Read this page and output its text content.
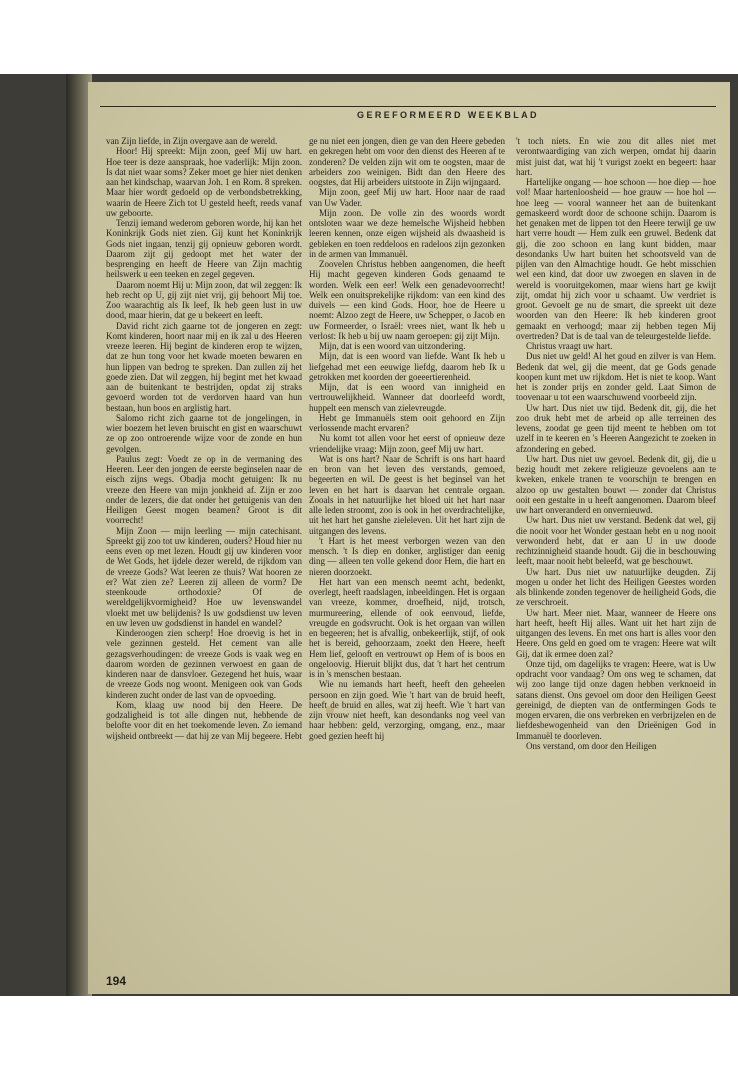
GEREFORMEERD WEEKBLAD

van Zijn liefde, in Zijn overgave aan de wereld.

Hoor! Hij spreekt: Mijn zoon, geef Mij uw hart. Hoe teer is deze aanspraak, hoe vaderlijk: Mijn zoon. Is dat niet waar soms? Zeker moet ge hier niet denken aan het kindschap, waarvan Joh. 1 en Rom. 8 spreken. Maar hier wordt gedoeld op de verbondsbetrekking, waarin de Heere Zich tot U gesteld heeft, reeds vanaf uw geboorte.

Tenzij iemand wederom geboren worde, hij kan het Koninkrijk Gods niet zien. Gij kunt het Koninkrijk Gods niet ingaan, tenzij gij opnieuw geboren wordt. Daarom zijt gij gedoopt met het water der besprenging en heeft de Heere van Zijn machtig heilswerk u een teeken en zegel gegeven.

Daarom noemt Hij u: Mijn zoon, dat wil zeggen: Ik heb recht op U, gij zijt niet vrij, gij behoort Mij toe. Zoo waarachtig als Ik leef, Ik heb geen lust in uw dood, maar hierin, dat ge u bekeert en leeft.

David richt zich gaarne tot de jongeren en zegt: Komt kinderen, hoort naar mij en ik zal u des Heeren vreeze leeren. Hij begint de kinderen erop te wijzen, dat ze hun tong voor het kwade moeten bewaren en hun lippen van bedrog te spreken. Dan zullen zij het goede zien. Dat wil zeggen, hij begint met het kwaad aan de buitenkant te bestrijden, opdat zij straks gevoerd worden tot de verdorven haard van hun bestaan, hun boos en arglistig hart.

Salomo richt zich gaarne tot de jongelingen, in wier boezem het leven bruischt en gist en waarschuwt ze op zoo ontroerende wijze voor de zonde en hun gevolgen.

Paulus zegt: Voedt ze op in de vermaning des Heeren. Leer den jongen de eerste beginselen naar de eisch zijns wegs. Obadja mocht getuigen: Ik nu vreeze den Heere van mijn jonkheid af. Zijn er zoo onder de lezers, die dat onder het getuigenis van den Heiligen Geest mogen beamen? Groot is dit voorrecht!

Mijn Zoon — mijn leerling — mijn catechisant. Spreekt gij zoo tot uw kinderen, ouders? Houd hier nu eens even op met lezen. Houdt gij uw kinderen voor de Wet Gods, het ijdele dezer wereld, de rijkdom van de vreeze Gods? Wat leeren ze thuis? Wat hooren ze er? Wat zien ze? Leeren zij alleen de vorm? De steenkoude orthodoxie? Of de wereldgelijkvormigheid? Hoe uw levenswandel vloekt met uw belijdenis? Is uw godsdienst uw leven en uw leven uw godsdienst in handel en wandel?

Kinderoogen zien scherp! Hoe droevig is het in vele gezinnen gesteld. Het cement van alle gezagsverhoudingen: de vreeze Gods is vaak weg en daarom worden de gezinnen verwoest en gaan de kinderen naar de dansvloer. Gezegend het huis, waar de vreeze Gods nog woont. Menigeen ook van Gods kinderen zucht onder de last van de opvoeding.

Kom, klaag uw nood bij den Heere. De godzaligheid is tot alle dingen nut, hebbende de belofte voor dit en het toekomende leven. Zo iemand wijsheid ontbreekt — dat hij ze van Mij begeere. Hebt

ge nu niet een jongen, dien ge van den Heere gebeden en gekregen hebt om voor den dienst des Heeren af te zonderen? De velden zijn wit om te oogsten, maar de arbeiders zoo weinigen. Bidt dan den Heere des oogstes, dat Hij arbeiders uitstoote in Zijn wijngaard.

Mijn zoon, geef Mij uw hart. Hoor naar de raad van Uw Vader.

Mijn zoon. De volle zin des woords wordt ontsloten waar we deze hemelsche Wijsheid hebben leeren kennen, onze eigen wijsheid als dwaasheid is gebleken en toen reddeloos en radeloos zijn gezonken in de armen van Immanuël.

Zoovelen Christus hebben aangenomen, die heeft Hij macht gegeven kinderen Gods genaamd te worden. Welk een eer! Welk een genadevoorrecht! Welk een onuitsprekelijke rijkdom: van een kind des duivels — een kind Gods. Hoor, hoe de Heere u noemt: Alzoo zegt de Heere, uw Schepper, o Jacob en uw Formeerder, o Israël: vrees niet, want Ik heb u verlost: Ik heb u bij uw naam geroepen: gij zijt Mijn.

Mijn, dat is een woord van uitzondering.

Mijn, dat is een woord van liefde. Want Ik heb u liefgehad met een eeuwige liefdg, daarom heb Ik u getrokken met koorden der goeeertierenheid.

Mijn, dat is een woord van innigheid en vertrouwelijkheid. Wanneer dat doorleefd wordt, huppelt een mensch van zielevreugde.

Hebt ge Immanuëls stem ooit gehoord en Zijn verlossende macht ervaren?

Nu komt tot allen voor het eerst of opnieuw deze vriendelijke vraag: Mijn zoon, geef Mij uw hart.

Wat is ons hart? Naar de Schrift is ons hart haard en bron van het leven des verstands, gemoed, begeerten en wil. De geest is het beginsel van het leven en het hart is daarvan het centrale orgaan. Zooals in het natuurlijke het bloed uit het hart naar alle leden stroomt, zoo is ook in het overdrachtelijke, uit het hart het ganshe zieleleven. Uit het hart zijn de uitgangen des levens.

't Hart is het meest verborgen wezen van den mensch. 't Is diep en donker, arglistiger dan eenig ding — alleen ten volle gekend door Hem, die hart en nieren doorzoekt.

Het hart van een mensch neemt acht, bedenkt, overlegt, heeft raadslagen, inbeeldingen. Het is orgaan van vreeze, kommer, droefheid, nijd, trotsch, murmureering, ellende of ook eenvoud, liefde, vreugde en godsvrucht. Ook is het orgaan van willen en begeeren; het is afvallig, onbekeerlijk, stijf, of ook het is bereid, gehoorzaam, zoekt den Heere, heeft Hem lief, gelooft en vertrouwt op Hem of is boos en ongeloovig. Hieruit blijkt dus, dat 't hart het centrum is in 's menschen bestaan.

Wie nu iemands hart heeft, heeft den geheelen persoon en zijn goed. Wie 't hart van de bruid heeft, heeft de bruid en alles, wat zij heeft. Wie 't hart van zijn vrouw niet heeft, kan desondanks nog veel van haar hebben: geld, verzorging, omgang, enz., maar goed gezien heeft hij

't toch niets. En wie zou dit alles niet met verontwaardiging van zich werpen, omdat hij daarin mist juist dat, wat hij 't vurigst zoekt en begeert: haar hart.

Hartelijke ongang — hoe schoon — hoe diep — hoe vol! Maar hartenloosheid — hoe grauw — hoe hol — hoe leeg — vooral wanneer het aan de buitenkant gemaskeerd wordt door de schoone schijn. Daarom is het genaken met de lippen tot den Heere terwijl ge uw hart verre houdt — Hem zulk een gruwel. Bedenk dat gij, die zoo schoon en lang kunt bidden, maar desondanks Uw hart buiten het schootsveld van de pijlen van den Almachtige houdt. Ge hebt misschien wel een kind, dat door uw zwoegen en slaven in de wereld is vooruitgekomen, maar wiens hart ge kwijt zijt, omdat hij zich voor u schaamt. Uw verdriet is groot. Gevoelt ge nu de smart, die spreekt uit deze woorden van den Heere: Ik heb kinderen groot gemaakt en verhoogd; maar zij hebben tegen Mij overtreden? Dat is de taal van de teleurgestelde liefde.

Christus vraagt uw hart.

Dus niet uw geld! Al het goud en zilver is van Hem. Bedenk dat wel, gij die meent, dat ge Gods genade koopen kunt met uw rijkdom. Het is niet te koop. Want het is zonder prijs en zonder geld. Laat Simon de toovenaar u tot een waarschuwend voorbeeld zijn.

Uw hart. Dus niet uw tijd. Bedenk dit, gij, die het zoo druk hebt met de arbeid op alle terreinen des levens, zoodat ge geen tijd meent te hebben om tot uzelf in te keeren en 's Heeren Aangezicht te zoeken in afzondering en gebed.

Uw hart. Dus niet uw gevoel. Bedenk dit, gij, die u bezig houdt met zekere religieuze gevoelens aan te kweken, enkele tranen te voorschijn te brengen en alzoo op uw gestalten bouwt — zonder dat Christus ooit een gestalte in u heeft aangenomen. Daarom bleef uw hart onveranderd en onvernieuwd.

Uw hart. Dus niet uw verstand. Bedenk dat wel, gij die nooit voor het Wonder gestaan hebt en u nog nooit verwonderd hebt, dat er aan U in uw doode rechtzinnigheid staande houdt. Gij die in beschouwing leeft, maar nooit hebt beleefd, wat ge beschouwt.

Uw hart. Dus niet uw natuurlijke deugden. Zij mogen u onder het licht des Heiligen Geestes worden als blinkende zonden tegenover de heiligheid Gods, die ze verschroeit.

Uw hart. Meer niet. Maar, wanneer de Heere ons hart heeft, heeft Hij alles. Want uit het hart zijn de uitgangen des levens. En met ons hart is alles voor den Heere. Ons geld en goed om te vragen: Heere wat wilt Gij, dat ik ermee doen zal?

Onze tijd, om dagelijks te vragen: Heere, wat is Uw opdracht voor vandaag? Om ons weg te schamen, dat wij zoo lange tijd onze dagen hebben verknoeid in satans dienst. Ons gevoel om door den Heiligen Geest gereinigd, de diepten van de ontfermingen Gods te mogen ervaren, die ons verbreken en verbrijzelen en de liefdesbewogenheid van den Drieënigen God in Immanuël te doorleven.

Ons verstand, om door den Heiligen

194
